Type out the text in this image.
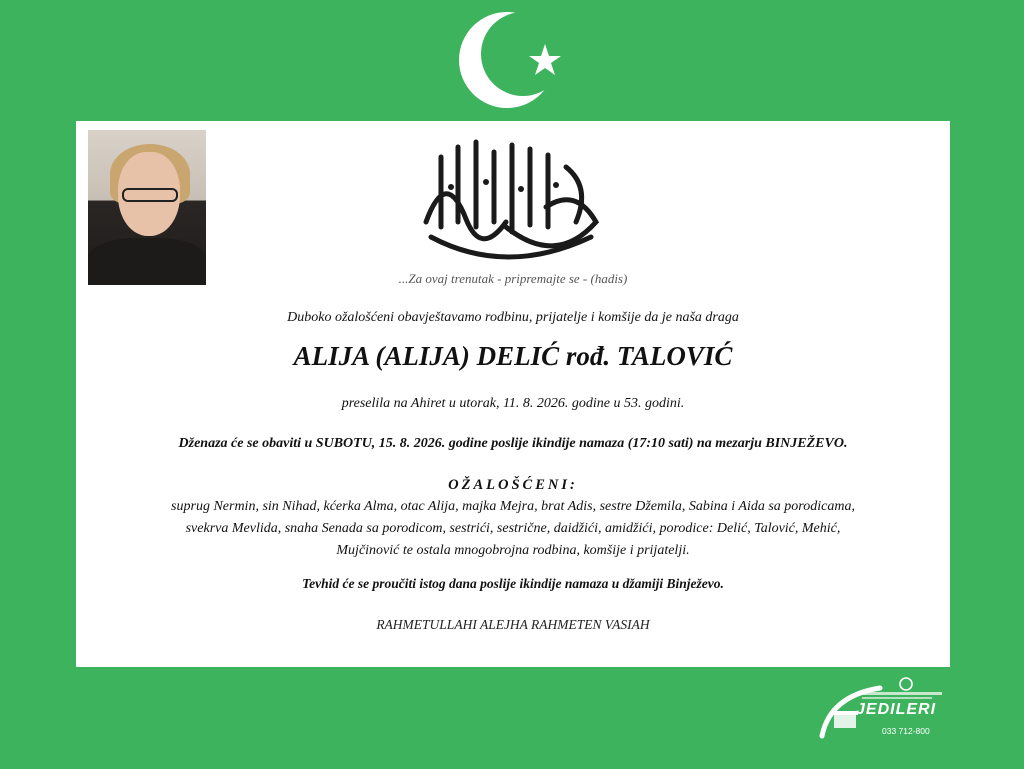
...Za ovaj trenutak - pripremajte se - (hadis)
Duboko ožalošćeni obavještavamo rodbinu, prijatelje i komšije da je naša draga
ALIJA (ALIJA) DELIĆ rođ. TALOVIĆ
preselila na Ahiret u utorak, 11. 8. 2026. godine u 53. godini.
Dženaza će se obaviti u SUBOTU, 15. 8. 2026. godine poslije ikindije namaza (17:10 sati) na mezarju BINJEŽEVO.
OŽALOŠĆENI:
suprug Nermin, sin Nihad, kćerka Alma, otac Alija, majka Mejra, brat Adis, sestre Džemila, Sabina i Aida sa porodicama,
svekrva Mevlida, snaha Senada sa porodicom, sestrići, sestrične, daidžići, amidžići, porodice: Delić, Talović, Mehić,
Mujčinović te ostala mnogobrojna rodbina, komšije i prijatelji.
Tevhid će se proučiti istog dana poslije ikindije namaza u džamiji Binježevo.
RAHMETULLAHI ALEJHA RAHMETEN VASIAH
JEDILERI
033 712-800
